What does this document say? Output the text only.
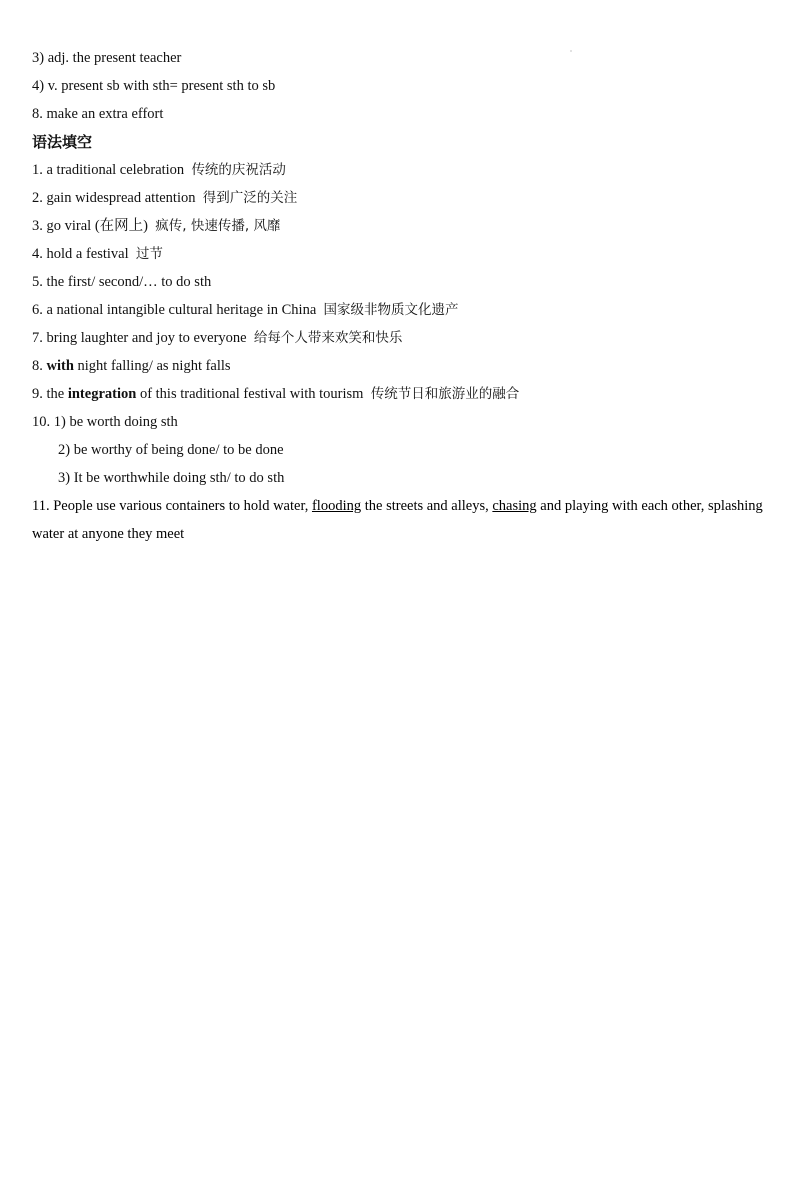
3) adj. the present teacher
4) v. present sb with sth= present sth to sb
8. make an extra effort
语法填空
1. a traditional celebration 传统的庆祝活动
2. gain widespread attention 得到广泛的关注
3. go viral (在网上) 疯传, 快速传播, 风靡
4. hold a festival 过节
5. the first/ second/… to do sth
6. a national intangible cultural heritage in China 国家级非物质文化遗产
7. bring laughter and joy to everyone 给每个人带来欢笑和快乐
8. with night falling/ as night falls
9. the integration of this traditional festival with tourism 传统节日和旅游业的融合
10. 1) be worth doing sth
2) be worthy of being done/ to be done
3) It be worthwhile doing sth/ to do sth
11. People use various containers to hold water, flooding the streets and alleys, chasing and playing with each other, splashing water at anyone they meet
